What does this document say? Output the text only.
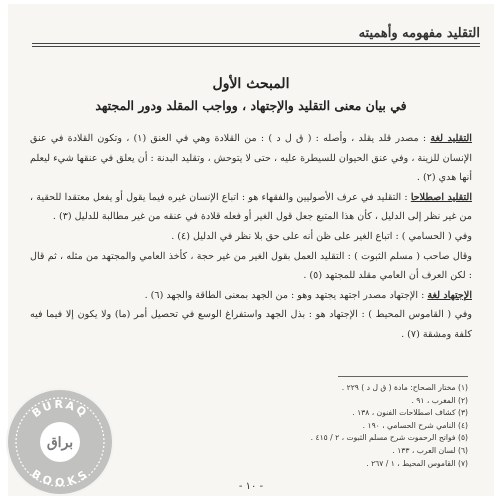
التقليد مفهومه وأهميته
المبحث الأول
في بيان معنى التقليد والإجتهاد ، وواجب المقلد ودور المجتهد

التقليد لغة : مصدر قلد يقلد ، وأصله : ( ق ل د ) : من القلادة وهي في العنق (١) ، وتكون القلادة في عنق الإنسان للزينة ، وفي عنق الحيوان للسيطرة عليه ، حتى لا يتوحش ، وتقليد البدنة : أن يعلق في عنقها شيء ليعلم أنها هدي (٢) .

التقليد اصطلاحا : التقليد في عرف الأصوليين والفقهاء هو : اتباع الإنسان غيره فيما يقول أو يفعل معتقدا للحقية ، من غير نظر إلى الدليل ، كأن هذا المتبع جعل قول الغير أو فعله قلادة في عنقه من غير مطالبة للدليل (٣) .

وفي ( الحسامي ) : اتباع الغير على ظن أنه على حق بلا نظر في الدليل (٤) .

وقال صاحب ( مسلم الثبوت ) : التقليد العمل بقول الغير من غير حجة ، كأخذ العامي والمجتهد من مثله ، ثم قال : لكن العرف أن العامي مقلد للمجتهد (٥) .

الإجتهاد لغة : الإجتهاد مصدر اجتهد يجتهد وهو : من الجهد بمعنى الطاقة والجهد (٦) .

وفي ( القاموس المحيط ) : الإجتهاد هو : بذل الجهد واستفراغ الوسع في تحصيل أمر (ما) ولا يكون إلا فيما فيه كلفة ومشقة (٧) .

(١) مختار الصحاح: مادة ( ق ل د ) ٢٢٩ .
(٢) المغرب ، ٩١ .
(٣) كشاف اصطلاحات الفنون ، ١٣٨ .
(٤) النامي شرح الحسامي ، ١٩٠ .
(٥) فواتح الرحموت شرح مسلم الثبوت ، ٢ / ٤١٥ .
(٦) لسان العرب ، ١٣٣ .
(٧) القاموس المحيط ، ١ / ٢٦٧ .
- ١٠ -
BURAQ
BOOKS
براق
